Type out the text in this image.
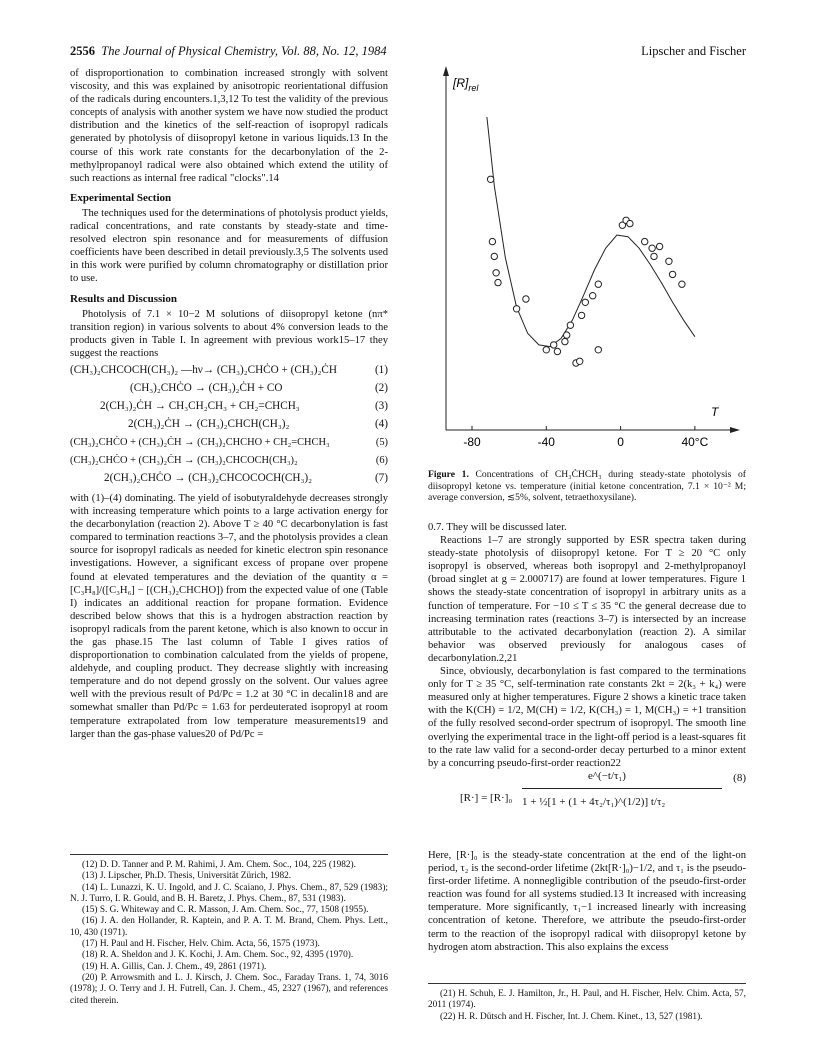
2556 The Journal of Physical Chemistry, Vol. 88, No. 12, 1984	Lipscher and Fischer

of disproportionation to combination increased strongly with solvent viscosity, and this was explained by anisotropic reorientational diffusion of the radicals during encounters.1,3,12 To test the validity of the previous concepts of analysis with another system we have now studied the product distribution and the kinetics of the self-reaction of isopropyl radicals generated by photolysis of diisopropyl ketone in various liquids.13 In the course of this work rate constants for the decarbonylation of the 2-methylpropanoyl radical were also obtained which extend the utility of such reactions as internal free radical "clocks".14

Experimental Section

The techniques used for the determinations of photolysis product yields, radical concentrations, and rate constants by steady-state and time-resolved electron spin resonance and for measurements of diffusion coefficients have been described in detail previously.3,5 The solvents used in this work were purified by column chromatography or distillation prior to use.

Results and Discussion

Photolysis of 7.1 × 10−2 M solutions of diisopropyl ketone (nπ* transition region) in various solvents to about 4% conversion leads to the products given in Table I. In agreement with previous work15–17 they suggest the reactions

(CH₃)₂CHCOCH(CH₃)₂ —hν→ (CH₃)₂CHĊO + (CH₃)₂ĊH	(1)
(CH₃)₂CHĊO → (CH₃)₂ĊH + CO	(2)
2(CH₃)₂ĊH → CH₃CH₂CH₃ + CH₂=CHCH₃	(3)
2(CH₃)₂ĊH → (CH₃)₂CHCH(CH₃)₂	(4)
(CH₃)₂CHĊO + (CH₃)₂ĊH → (CH₃)₂CHCHO + CH₂=CHCH₃	(5)
(CH₃)₂CHĊO + (CH₃)₂ĊH → (CH₃)₂CHCOCH(CH₃)₂	(6)
2(CH₃)₂CHĊO → (CH₃)₂CHCOCOCH(CH₃)₂	(7)

with (1)–(4) dominating. The yield of isobutyraldehyde decreases strongly with increasing temperature which points to a large activation energy for the decarbonylation (reaction 2). Above T ≥ 40 °C decarbonylation is fast compared to termination reactions 3–7, and the photolysis provides a clean source for isopropyl radicals as needed for kinetic electron spin resonance investigations. However, a significant excess of propane over propene found at elevated temperatures and the deviation of the quantity α = [C₃H₈]/([C₃H₆] − [(CH₃)₂CHCHO]) from the expected value of one (Table I) indicates an additional reaction for propane formation. Evidence described below shows that this is a hydrogen abstraction reaction by isopropyl radicals from the parent ketone, which is also known to occur in the gas phase.15 The last column of Table I gives ratios of disproportionation to combination calculated from the yields of propene, aldehyde, and coupling product. They decrease slightly with increasing temperature and do not depend grossly on the solvent. Our values agree well with the previous result of Pd/Pc = 1.2 at 30 °C in decalin18 and are somewhat smaller than Pd/Pc = 1.63 for perdeuterated isopropyl at room temperature extrapolated from low temperature measurements19 and larger than the gas-phase values20 of Pd/Pc =

(12) D. D. Tanner and P. M. Rahimi, J. Am. Chem. Soc., 104, 225 (1982).

(13) J. Lipscher, Ph.D. Thesis, Universität Zürich, 1982.

(14) L. Lunazzi, K. U. Ingold, and J. C. Scaiano, J. Phys. Chem., 87, 529 (1983); N. J. Turro, I. R. Gould, and B. H. Baretz, J. Phys. Chem., 87, 531 (1983).

(15) S. G. Whiteway and C. R. Masson, J. Am. Chem. Soc., 77, 1508 (1955).

(16) J. A. den Hollander, R. Kaptein, and P. A. T. M. Brand, Chem. Phys. Lett., 10, 430 (1971).

(17) H. Paul and H. Fischer, Helv. Chim. Acta, 56, 1575 (1973).

(18) R. A. Sheldon and J. K. Kochi, J. Am. Chem. Soc., 92, 4395 (1970).

(19) H. A. Gillis, Can. J. Chem., 49, 2861 (1971).

(20) P. Arrowsmith and L. J. Kirsch, J. Chem. Soc., Faraday Trans. 1, 74, 3016 (1978); J. O. Terry and J. H. Futrell, Can. J. Chem., 45, 2327 (1967), and references cited therein.

$[R]_{rel}$
T
-80	-40	0	40°C
Figure 1. Concentrations of CH₃ĊHCH₃ during steady-state photolysis of diisopropyl ketone vs. temperature (initial ketone concentration, 7.1 × 10⁻² M; average conversion, ≲5%, solvent, tetraethoxysilane).

0.7. They will be discussed later.

Reactions 1–7 are strongly supported by ESR spectra taken during steady-state photolysis of diisopropyl ketone. For T ≥ 20 °C only isopropyl is observed, whereas both isopropyl and 2-methylpropanoyl (broad singlet at g = 2.000717) are found at lower temperatures. Figure 1 shows the steady-state concentration of isopropyl in arbitrary units as a function of temperature. For −10 ≤ T ≤ 35 °C the general decrease due to increasing termination rates (reactions 3–7) is intersected by an increase attributable to the activated decarbonylation (reaction 2). A similar behavior was observed previously for analogous cases of decarbonylation.2,21

Since, obviously, decarbonylation is fast compared to the terminations only for T ≥ 35 °C, self-termination rate constants 2kt = 2(k₃ + k₄) were measured only at higher temperatures. Figure 2 shows a kinetic trace taken with the K(CH) = 1/2, M(CH) = 1/2, K(CH₃) = 1, M(CH₃) = +1 transition of the fully resolved second-order spectrum of isopropyl. The smooth line overlying the experimental trace in the light-off period is a least-squares fit to the rate law valid for a second-order decay perturbed to a minor extent by a concurring pseudo-first-order reaction22

[R·] = [R·]₀
e^(−t/τ₁)
1 + ½[1 + (1 + 4τ₂/τ₁)^(1/2)] t/τ₂
(8)

Here, [R·]₀ is the steady-state concentration at the end of the light-on period, τ₂ is the second-order lifetime (2kt[R·]₀)−1/2, and τ₁ is the pseudo-first-order lifetime. A nonnegligible contribution of the pseudo-first-order reaction was found for all systems studied.13 It increased with increasing temperature. More significantly, τ₁−1 increased linearly with increasing concentration of ketone. Therefore, we attribute the pseudo-first-order term to the reaction of the isopropyl radical with diisopropyl ketone by hydrogen atom abstraction. This also explains the excess

(21) H. Schuh, E. J. Hamilton, Jr., H. Paul, and H. Fischer, Helv. Chim. Acta, 57, 2011 (1974).

(22) H. R. Dütsch and H. Fischer, Int. J. Chem. Kinet., 13, 527 (1981).
